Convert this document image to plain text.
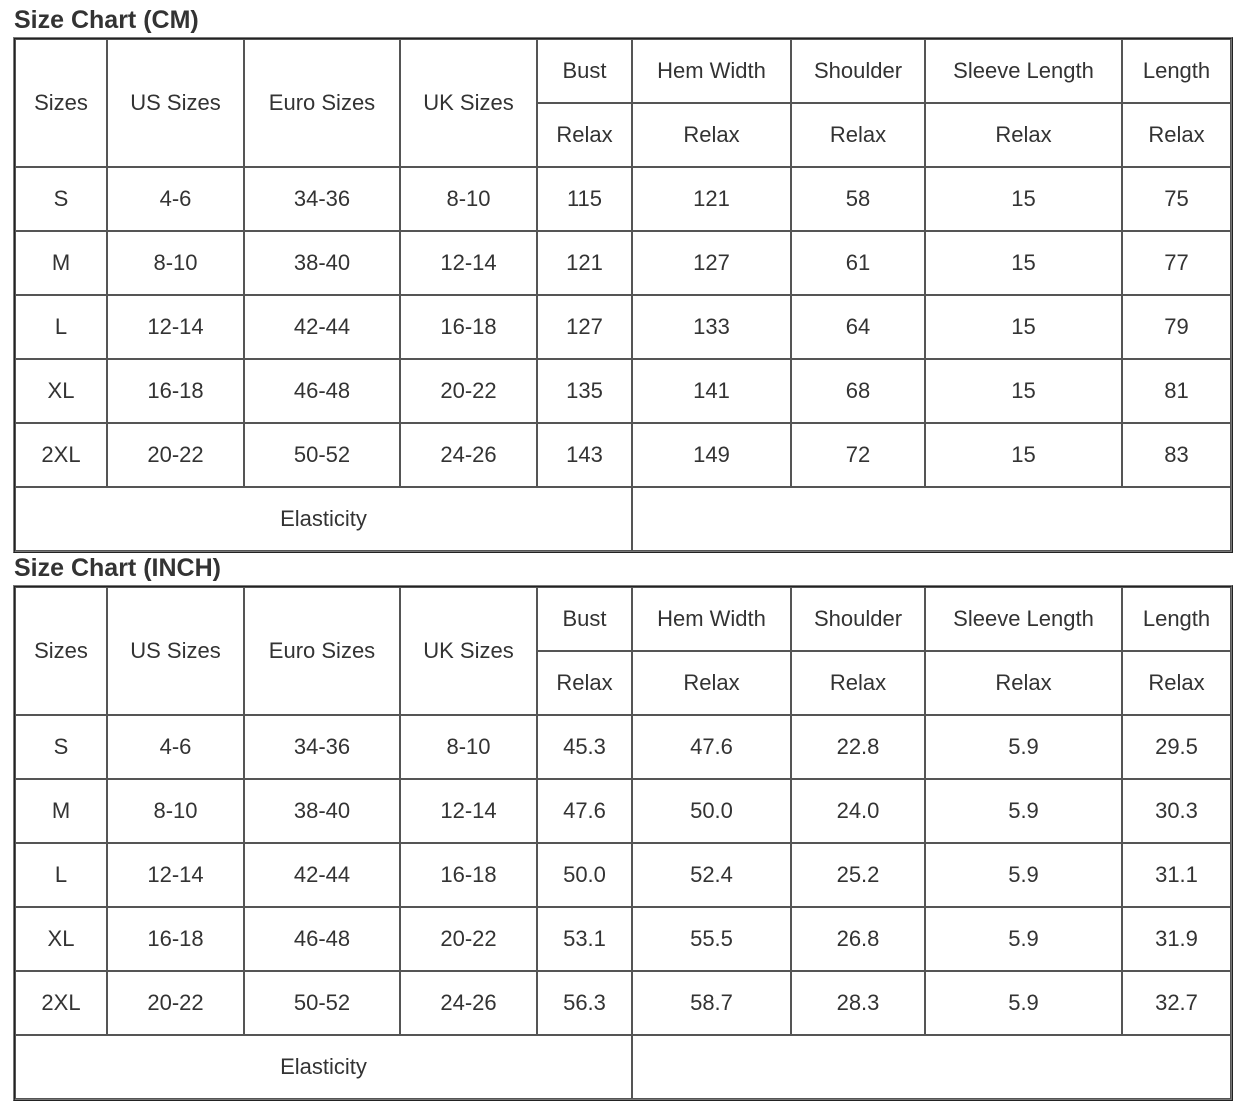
Size Chart (CM)
Sizes	US Sizes	Euro Sizes	UK Sizes	Bust	Hem Width	Shoulder	Sleeve Length	Length
				Relax	Relax	Relax	Relax	Relax
S	4-6	34-36	8-10	115	121	58	15	75
M	8-10	38-40	12-14	121	127	61	15	77
L	12-14	42-44	16-18	127	133	64	15	79
XL	16-18	46-48	20-22	135	141	68	15	81
2XL	20-22	50-52	24-26	143	149	72	15	83
Elasticity								
Size Chart (INCH)
Sizes	US Sizes	Euro Sizes	UK Sizes	Bust	Hem Width	Shoulder	Sleeve Length	Length
				Relax	Relax	Relax	Relax	Relax
S	4-6	34-36	8-10	45.3	47.6	22.8	5.9	29.5
M	8-10	38-40	12-14	47.6	50.0	24.0	5.9	30.3
L	12-14	42-44	16-18	50.0	52.4	25.2	5.9	31.1
XL	16-18	46-48	20-22	53.1	55.5	26.8	5.9	31.9
2XL	20-22	50-52	24-26	56.3	58.7	28.3	5.9	32.7
Elasticity								
